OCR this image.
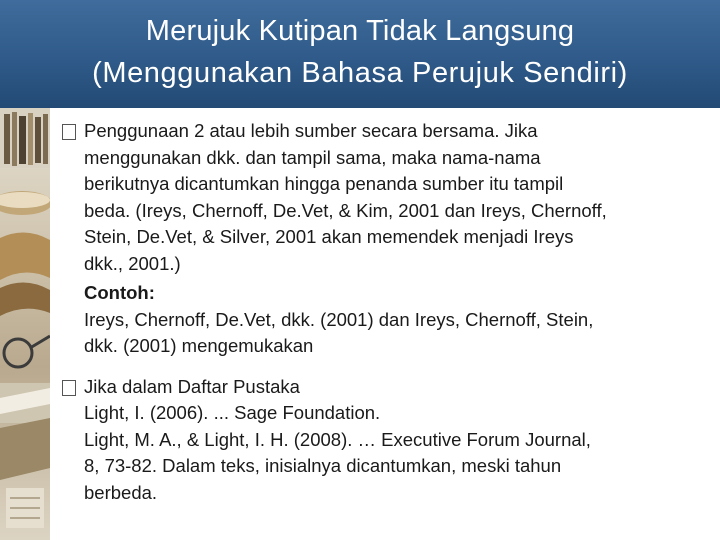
Merujuk Kutipan Tidak Langsung
(Menggunakan Bahasa Perujuk Sendiri)
Penggunaan 2 atau lebih sumber secara bersama. Jika
menggunakan dkk. dan tampil sama, maka nama-nama
berikutnya dicantumkan hingga penanda sumber itu tampil
beda. (Ireys, Chernoff, De.Vet, & Kim, 2001 dan Ireys, Chernoff,
Stein, De.Vet, & Silver, 2001 akan memendek menjadi Ireys
dkk., 2001.)
Contoh:
Ireys, Chernoff, De.Vet, dkk. (2001) dan Ireys, Chernoff, Stein,
dkk. (2001) mengemukakan
Jika dalam Daftar Pustaka
Light, I. (2006). ... Sage Foundation.
Light, M. A., & Light, I. H. (2008). … Executive Forum Journal,
8, 73-82. Dalam teks, inisialnya dicantumkan, meski tahun
berbeda.
